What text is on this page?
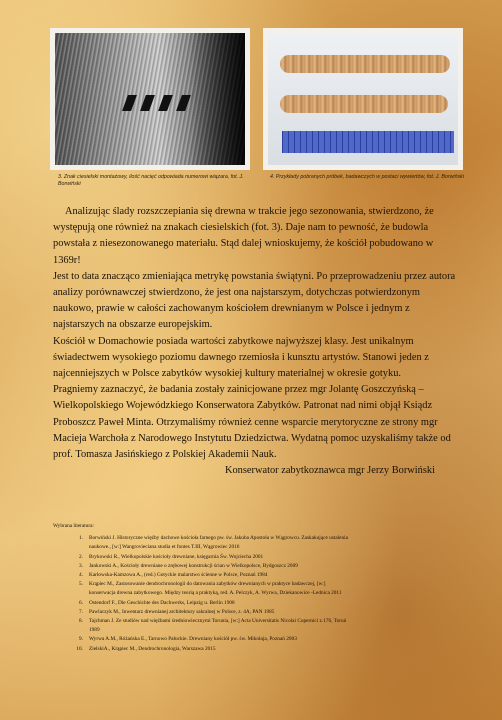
3. Znak ciesielski montażowy, ilość nacięć odpowiada numerowi wiązara, fot. J. Borwiński
4. Przykłady pobranych próbek, badawczych w postaci wywiertów, fot. J. Borwiński

Analizując ślady rozszczepiania się drewna w trakcie jego sezonowania, stwierdzono, że występują one również na znakach ciesielskich (fot. 3). Daje nam to pewność, że budowla powstała z niesezonowanego materiału. Stąd dalej wnioskujemy, że kościół pobudowano w 1369r!

Jest to data znacząco zmieniająca metrykę powstania świątyni. Po przeprowadzeniu przez autora analizy porównawczej stwierdzono, że jest ona najstarszym, dotychczas potwierdzonym naukowo, prawie w całości zachowanym kościołem drewnianym w Polsce i jednym z najstarszych na obszarze europejskim.

Kościół w Domachowie posiada wartości zabytkowe najwyższej klasy. Jest unikalnym świadectwem wysokiego poziomu dawnego rzemiosła i kunsztu artystów. Stanowi jeden z najcenniejszych w Polsce zabytków wysokiej kultury materialnej w okresie gotyku.

Pragniemy zaznaczyć, że badania zostały zainicjowane przez mgr Jolantę Goszczyńską – Wielkopolskiego Wojewódzkiego Konserwatora Zabytków. Patronat nad nimi objął Ksiądz Proboszcz Paweł Minta. Otrzymaliśmy również cenne wsparcie merytoryczne ze strony mgr Macieja Warchoła z Narodowego Instytutu Dziedzictwa. Wydatną pomoc uzyskaliśmy także od prof. Tomasza Jasińskiego z Polskiej Akademii Nauk.

Konserwator zabytkoznawca mgr Jerzy Borwiński

Wybrana literatura:

1.	Borwiński J. Historyczne więźby dachowe kościoła farnego pw. św. Jakuba Apostoła w Wągrowcu. Zaskakujące ustalenia naukowe., [w:] Wangrovieciana studia et fontes T.III, Wągrowiec 2016
2.	Brykowski R., Wielkopolskie kościoły drewniane, księgarnia Św. Wojciecha 2001
3.	Jankowski A., Kościoły drewniane o zrębowej konstrukcji ścian w Wielkopolsce, Bydgoszcz 2009
4.	Karłowska-Kamzowa A., (red.) Gotyckie malarstwo ścienne w Polsce, Poznań 1984
5.	Krąpiec M., Zastosowanie dendrochronologii do datowania zabytków drewnianych w praktyce badawczej, [w:] konserwacja drewna zabytkowego. Między teorią a praktyką, red. A. Pelczyk, A. Wyrwa, Dziekanowice -Lednica 2011
6.	Ostendorf F., Die Geschichte des Dachwerks, Leipzig u. Berlin 1908
7.	Pawlaczyk M., Inwentarz drewnianej architektury sakralnej w Polsce, z. 4A, PAN 1985
8.	Tajchman J. Ze studiów nad więźbami średniowiecznymi Torunia, [w:] Acta Universitatis Nicolai Copernici z.176, Toruń 1989
9.	Wyrwa A.M., Różańska E., Tarnowo Pałuckie. Drewniany kościół pw. św. Mikołaja, Poznań 2003
10.	ZielskiA., Krąpiec M., Dendrochronologia, Warszawa 2015
